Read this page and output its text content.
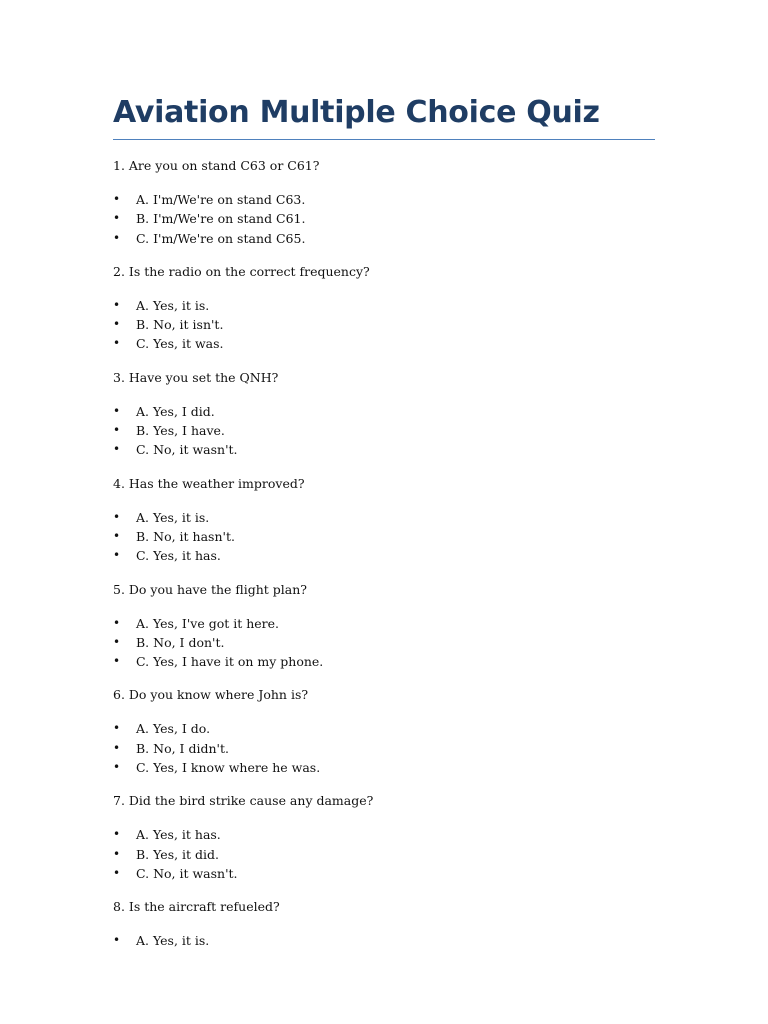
Aviation Multiple Choice Quiz

1. Are you on stand C63 or C61?

• A. I'm/We're on stand C63.
• B. I'm/We're on stand C61.
• C. I'm/We're on stand C65.

2. Is the radio on the correct frequency?

• A. Yes, it is.
• B. No, it isn't.
• C. Yes, it was.

3. Have you set the QNH?

• A. Yes, I did.
• B. Yes, I have.
• C. No, it wasn't.

4. Has the weather improved?

• A. Yes, it is.
• B. No, it hasn't.
• C. Yes, it has.

5. Do you have the flight plan?

• A. Yes, I've got it here.
• B. No, I don't.
• C. Yes, I have it on my phone.

6. Do you know where John is?

• A. Yes, I do.
• B. No, I didn't.
• C. Yes, I know where he was.

7. Did the bird strike cause any damage?

• A. Yes, it has.
• B. Yes, it did.
• C. No, it wasn't.

8. Is the aircraft refueled?

• A. Yes, it is.
